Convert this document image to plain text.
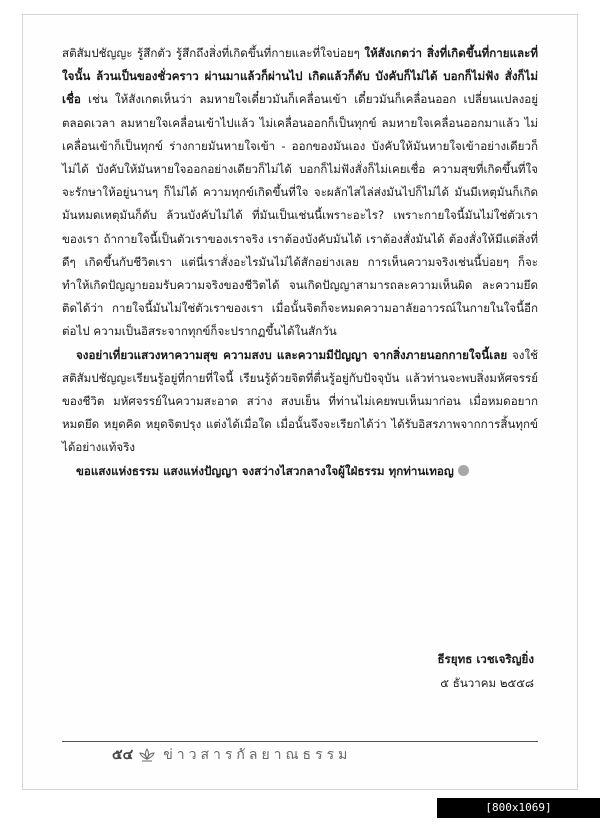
สติสัมปชัญญะ รู้สึกตัว รู้สึกถึงสิ่งที่เกิดขึ้นที่กายและที่ใจบ่อยๆ ให้สังเกตว่า สิ่งที่เกิดขึ้นที่กายและที่ใจนั้น ล้วนเป็นของชั่วคราว ผ่านมาแล้วก็ผ่านไป เกิดแล้วก็ดับ บังคับก็ไม่ได้ บอกก็ไม่ฟัง สั่งก็ไม่เชื่อ เช่น ให้สังเกตเห็นว่า ลมหายใจเดี๋ยวมันก็เคลื่อนเข้า เดี๋ยวมันก็เคลื่อนออก เปลี่ยนแปลงอยู่ตลอดเวลา ลมหายใจเคลื่อนเข้าไปแล้ว ไม่เคลื่อนออกก็เป็นทุกข์ ลมหายใจเคลื่อนออกมาแล้ว ไม่เคลื่อนเข้าก็เป็นทุกข์ ร่างกายมันหายใจเข้า - ออกของมันเอง บังคับให้มันหายใจเข้าอย่างเดียวก็ไม่ได้ บังคับให้มันหายใจออกอย่างเดียวก็ไม่ได้ บอกก็ไม่ฟังสั่งก็ไม่เคยเชื่อ ความสุขที่เกิดขึ้นที่ใจจะรักษาให้อยู่นานๆ ก็ไม่ได้ ความทุกข์เกิดขึ้นที่ใจ จะผลักไสไล่ส่งมันไปก็ไม่ได้ มันมีเหตุมันก็เกิด มันหมดเหตุมันก็ดับ ล้วนบังคับไม่ได้ ที่มันเป็นเช่นนี้เพราะอะไร? เพราะกายใจนี้มันไม่ใช่ตัวเราของเรา ถ้ากายใจนี้เป็นตัวเราของเราจริง เราต้องบังคับมันได้ เราต้องสั่งมันได้ ต้องสั่งให้มีแต่สิ่งที่ดีๆ เกิดขึ้นกับชีวิตเรา แต่นี่เราสั่งอะไรมันไม่ได้สักอย่างเลย การเห็นความจริงเช่นนี้บ่อยๆ ก็จะทำให้เกิดปัญญายอมรับความจริงของชีวิตได้ จนเกิดปัญญาสามารถละความเห็นผิด ละความยึดติดได้ว่า กายใจนี้มันไม่ใช่ตัวเราของเรา เมื่อนั้นจิตก็จะหมดความอาลัยอาวรณ์ในกายในใจนี้อีกต่อไป ความเป็นอิสระจากทุกข์ก็จะปรากฏขึ้นได้ในสักวัน

จงอย่าเที่ยวแสวงหาความสุข ความสงบ และความมีปัญญา จากสิ่งภายนอกกายใจนี้เลย จงใช้สติสัมปชัญญะเรียนรู้อยู่ที่กายที่ใจนี้ เรียนรู้ด้วยจิตที่ตื่นรู้อยู่กับปัจจุบัน แล้วท่านจะพบสิ่งมหัศจรรย์ของชีวิต มหัศจรรย์ในความสะอาด สว่าง สงบเย็น ที่ท่านไม่เคยพบเห็นมาก่อน เมื่อหมดอยาก หมดยึด หยุดคิด หยุดจิตปรุง แต่งได้เมื่อใด เมื่อนั้นจึงจะเรียกได้ว่า ได้รับอิสรภาพจากการสิ้นทุกข์ได้อย่างแท้จริง

ขอแสงแห่งธรรม แสงแห่งปัญญา จงสว่างไสวกลางใจผู้ใฝ่ธรรม ทุกท่านเทอญ

ธีรยุทธ เวชเจริญยิ่ง
๕ ธันวาคม ๒๕๕๘
๕๔ ข่าวสารกัลยาณธรรม
[800x1069] https://upic.me/
